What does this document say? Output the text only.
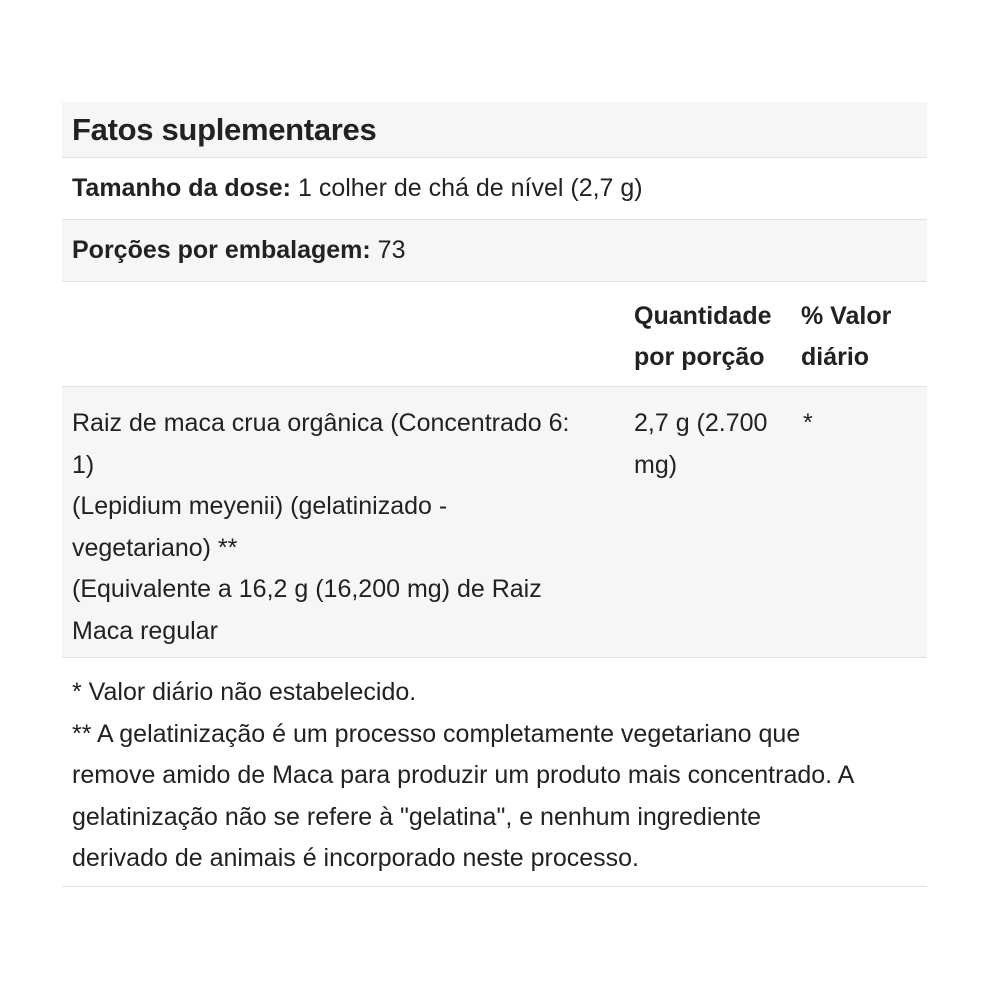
Fatos suplementares
Tamanho da dose:
1 colher de chá de nível (2,7 g)
Porções por embalagem:
73
Quantidade
por porção
% Valor
diário
Raiz de maca crua orgânica (Concentrado 6:
1)
(Lepidium meyenii) (gelatinizado -
vegetariano) **
(Equivalente a 16,2 g (16,200 mg) de Raiz
Maca regular
2,7 g (2.700
mg)
*
* Valor diário não estabelecido.
** A gelatinização é um processo completamente vegetariano que
remove amido de Maca para produzir um produto mais concentrado. A
gelatinização não se refere à "gelatina", e nenhum ingrediente
derivado de animais é incorporado neste processo.
